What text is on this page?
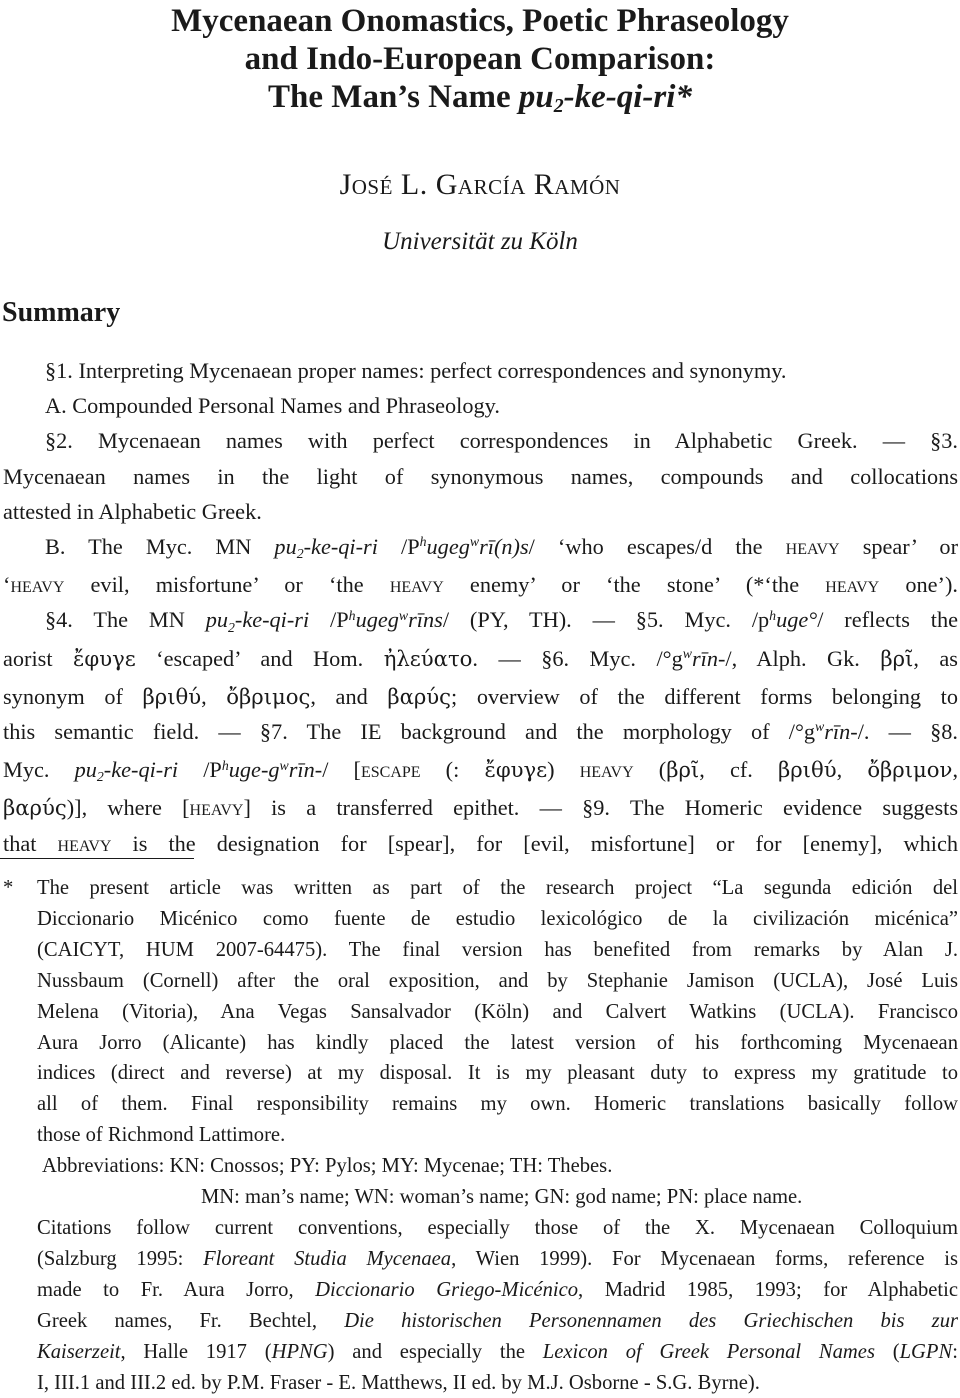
Mycenaean Onomastics, Poetic Phraseology
and Indo-European Comparison:
The Man’s Name pu2-ke-qi-ri*
José L. García Ramón
Universität zu Köln
Summary
§1. Interpreting Mycenaean proper names: perfect correspondences and synonymy.
A. Compounded Personal Names and Phraseology.
§2. Mycenaean names with perfect correspondences in Alphabetic Greek. — §3.
Mycenaean names in the light of synonymous names, compounds and collocations
attested in Alphabetic Greek.
B. The Myc. MN pu2-ke-qi-ri $/P^hugeg^wrī(n)s/$ ‘who escapes/d the heavy spear’ or
‘heavy evil, misfortune’ or ‘the heavy enemy’ or ‘the stone’ (*‘the heavy one’).
§4. The MN pu2-ke-qi-ri $/P^hugeg^wrīns/$ (PY, TH). — §5. Myc. $/p^huge^\circ/$ reflects the
aorist ἔφυγε ‘escaped’ and Hom. ἠλεύατο. — §6. Myc. $/^\circ g^wrīn-/$, Alph. Gk. βρῖ, as
synonym of βριθύ, ὄβριμος, and βαρύς; overview of the different forms belonging to
this semantic field. — §7. The IE background and the morphology of $/^\circ g^wrīn-/$. — §8.
Myc. pu2-ke-qi-ri $/P^huge-g^wrīn-/$ [escape (: ἔφυγε) heavy (βρῖ, cf. βριθύ, ὄβριμον,
βαρύς)], where [heavy] is a transferred epithet. — §9. The Homeric evidence suggests
that heavy is the designation for [spear], for [evil, misfortune] or for [enemy], which
* The present article was written as part of the research project “La segunda edición del
Diccionario Micénico como fuente de estudio lexicológico de la civilización micénica”
(CAICYT, HUM 2007-64475). The final version has benefited from remarks by Alan J.
Nussbaum (Cornell) after the oral exposition, and by Stephanie Jamison (UCLA), José Luis
Melena (Vitoria), Ana Vegas Sansalvador (Köln) and Calvert Watkins (UCLA). Francisco
Aura Jorro (Alicante) has kindly placed the latest version of his forthcoming Mycenaean
indices (direct and reverse) at my disposal. It is my pleasant duty to express my gratitude to
all of them. Final responsibility remains my own. Homeric translations basically follow
those of Richmond Lattimore.
Abbreviations: KN: Cnossos; PY: Pylos; MY: Mycenae; TH: Thebes.
MN: man’s name; WN: woman’s name; GN: god name; PN: place name.
Citations follow current conventions, especially those of the X. Mycenaean Colloquium
(Salzburg 1995: Floreant Studia Mycenaea, Wien 1999). For Mycenaean forms, reference is
made to Fr. Aura Jorro, Diccionario Griego-Micénico, Madrid 1985, 1993; for Alphabetic
Greek names, Fr. Bechtel, Die historischen Personennamen des Griechischen bis zur
Kaiserzeit, Halle 1917 (HPNG) and especially the Lexicon of Greek Personal Names (LGPN:
I, III.1 and III.2 ed. by P.M. Fraser - E. Matthews, II ed. by M.J. Osborne - S.G. Byrne).
